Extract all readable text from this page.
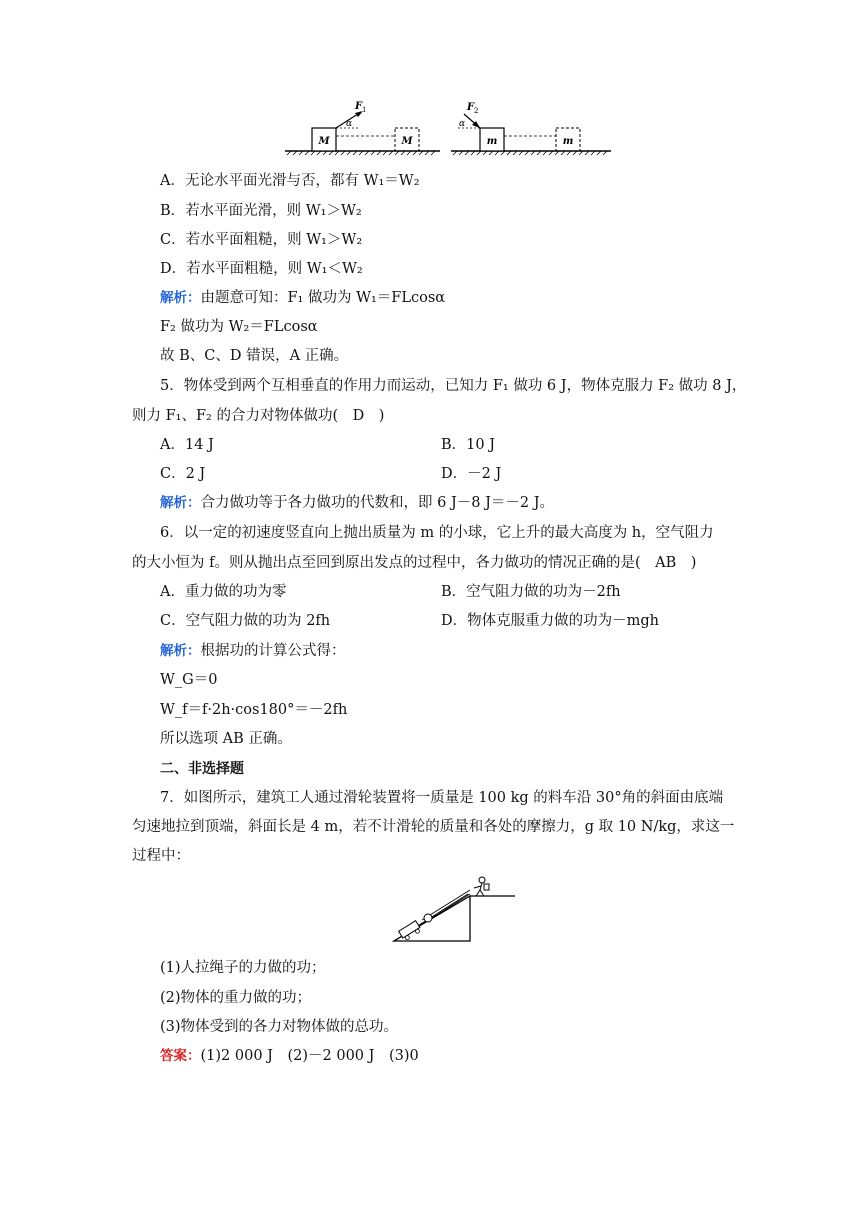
M	M
F 1
α
m	m
F 2
α
A．无论水平面光滑与否，都有 W₁＝W₂
B．若水平面光滑，则 W₁＞W₂
C．若水平面粗糙，则 W₁＞W₂
D．若水平面粗糙，则 W₁＜W₂
解析：由题意可知：F₁ 做功为 W₁＝FLcosα
F₂ 做功为 W₂＝FLcosα
故 B、C、D 错误，A 正确。
5．物体受到两个互相垂直的作用力而运动，已知力 F₁ 做功 6 J，物体克服力 F₂ 做功 8 J，
则力 F₁、F₂ 的合力对物体做功(　D　)
A．14 J	B．10 J
C．2 J	D．－2 J
解析：合力做功等于各力做功的代数和，即 6 J－8 J＝－2 J。
6．以一定的初速度竖直向上抛出质量为 m 的小球，它上升的最大高度为 h，空气阻力
的大小恒为 f。则从抛出点至回到原出发点的过程中，各力做功的情况正确的是(　AB　)
A．重力做的功为零	B．空气阻力做的功为－2fh
C．空气阻力做的功为 2fh	D．物体克服重力做的功为－mgh
解析：根据功的计算公式得：
W_G＝0
W_f＝f·2h·cos180°＝－2fh
所以选项 AB 正确。
二、非选择题
7．如图所示，建筑工人通过滑轮装置将一质量是 100 kg 的料车沿 30°角的斜面由底端
匀速地拉到顶端，斜面长是 4 m，若不计滑轮的质量和各处的摩擦力，g 取 10 N/kg，求这一
过程中：
(1)人拉绳子的力做的功；
(2)物体的重力做的功；
(3)物体受到的各力对物体做的总功。
答案：(1)2 000 J　(2)－2 000 J　(3)0
